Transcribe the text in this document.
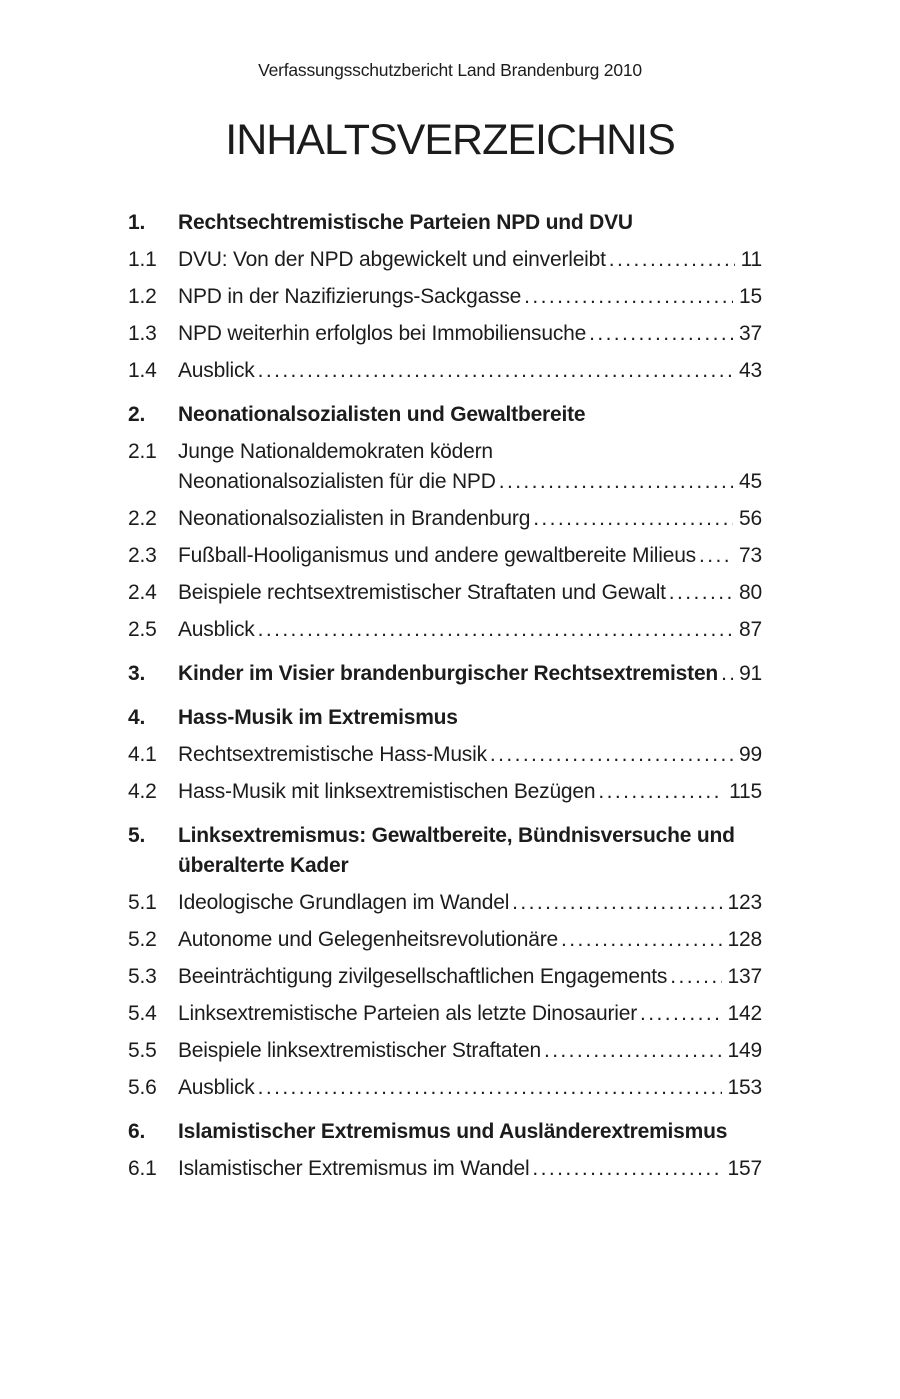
Verfassungsschutzbericht Land Brandenburg 2010
INHALTSVERZEICHNIS
1.	Rechtsechtremistische Parteien NPD und DVU
1.1	DVU: Von der NPD abgewickelt und einverleibt .....	11
1.2	NPD in der Nazifizierungs-Sackgasse .....	15
1.3	NPD weiterhin erfolglos bei Immobiliensuche .....	37
1.4	Ausblick .....	43
2.	Neonationalsozialisten und Gewaltbereite
2.1	Junge Nationaldemokraten ködern
Neonationalsozialisten für die NPD .....	45
2.2	Neonationalsozialisten in Brandenburg .....	56
2.3	Fußball-Hooliganismus und andere gewaltbereite Milieus ..... 73
2.4	Beispiele rechtsextremistischer Straftaten und Gewalt .....	80
2.5	Ausblick .....	87
3.	Kinder im Visier brandenburgischer Rechtsextremisten ..... 91
4.	Hass-Musik im Extremismus
4.1	Rechtsextremistische Hass-Musik .....	99
4.2	Hass-Musik mit linksextremistischen Bezügen .....	115
5.	Linksextremismus: Gewaltbereite, Bündnisversuche und
überalterte Kader
5.1	Ideologische Grundlagen im Wandel .....	123
5.2	Autonome und Gelegenheitsrevolutionäre .....	128
5.3	Beeinträchtigung zivilgesellschaftlichen Engagements .....	137
5.4	Linksextremistische Parteien als letzte Dinosaurier .....	142
5.5	Beispiele linksextremistischer Straftaten .....	149
5.6	Ausblick .....	153
6.	Islamistischer Extremismus und Ausländerextremismus
6.1	Islamistischer Extremismus im Wandel .....	157
